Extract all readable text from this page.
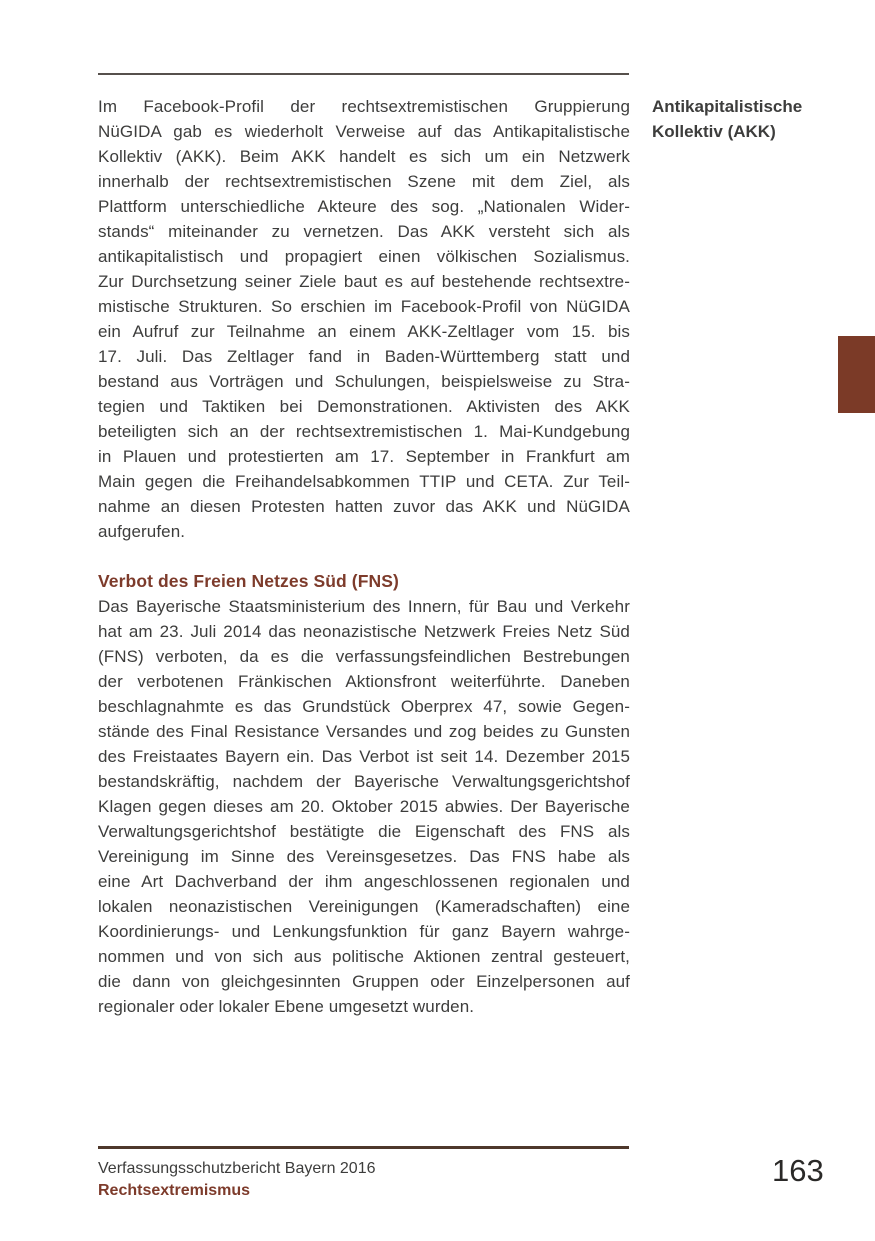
Im Facebook-Profil der rechtsextremistischen Gruppierung
NüGIDA gab es wiederholt Verweise auf das Antikapitalistische
Kollektiv (AKK). Beim AKK handelt es sich um ein Netzwerk
innerhalb der rechtsextremistischen Szene mit dem Ziel, als
Plattform unterschiedliche Akteure des sog. „Nationalen Wider-
stands“ miteinander zu vernetzen. Das AKK versteht sich als
antikapitalistisch und propagiert einen völkischen Sozialismus.
Zur Durchsetzung seiner Ziele baut es auf bestehende rechtsextre-
mistische Strukturen. So erschien im Facebook-Profil von NüGIDA
ein Aufruf zur Teilnahme an einem AKK-Zeltlager vom 15. bis
17. Juli. Das Zeltlager fand in Baden-Württemberg statt und
bestand aus Vorträgen und Schulungen, beispielsweise zu Stra-
tegien und Taktiken bei Demonstrationen. Aktivisten des AKK
beteiligten sich an der rechtsextremistischen 1. Mai-Kundgebung
in Plauen und protestierten am 17. September in Frankfurt am
Main gegen die Freihandelsabkommen TTIP und CETA. Zur Teil-
nahme an diesen Protesten hatten zuvor das AKK und NüGIDA
aufgerufen.
Verbot des Freien Netzes Süd (FNS)
Das Bayerische Staatsministerium des Innern, für Bau und Verkehr
hat am 23. Juli 2014 das neonazistische Netzwerk Freies Netz Süd
(FNS) verboten, da es die verfassungsfeindlichen Bestrebungen
der verbotenen Fränkischen Aktionsfront weiterführte. Daneben
beschlagnahmte es das Grundstück Oberprex 47, sowie Gegen-
stände des Final Resistance Versandes und zog beides zu Gunsten
des Freistaates Bayern ein. Das Verbot ist seit 14. Dezember 2015
bestandskräftig, nachdem der Bayerische Verwaltungsgerichtshof
Klagen gegen dieses am 20. Oktober 2015 abwies. Der Bayerische
Verwaltungsgerichtshof bestätigte die Eigenschaft des FNS als
Vereinigung im Sinne des Vereinsgesetzes. Das FNS habe als
eine Art Dachverband der ihm angeschlossenen regionalen und
lokalen neonazistischen Vereinigungen (Kameradschaften) eine
Koordinierungs- und Lenkungsfunktion für ganz Bayern wahrge-
nommen und von sich aus politische Aktionen zentral gesteuert,
die dann von gleichgesinnten Gruppen oder Einzelpersonen auf
regionaler oder lokaler Ebene umgesetzt wurden.
Antikapitalistische
Kollektiv (AKK)
Verfassungsschutzbericht Bayern 2016
Rechtsextremismus
163
